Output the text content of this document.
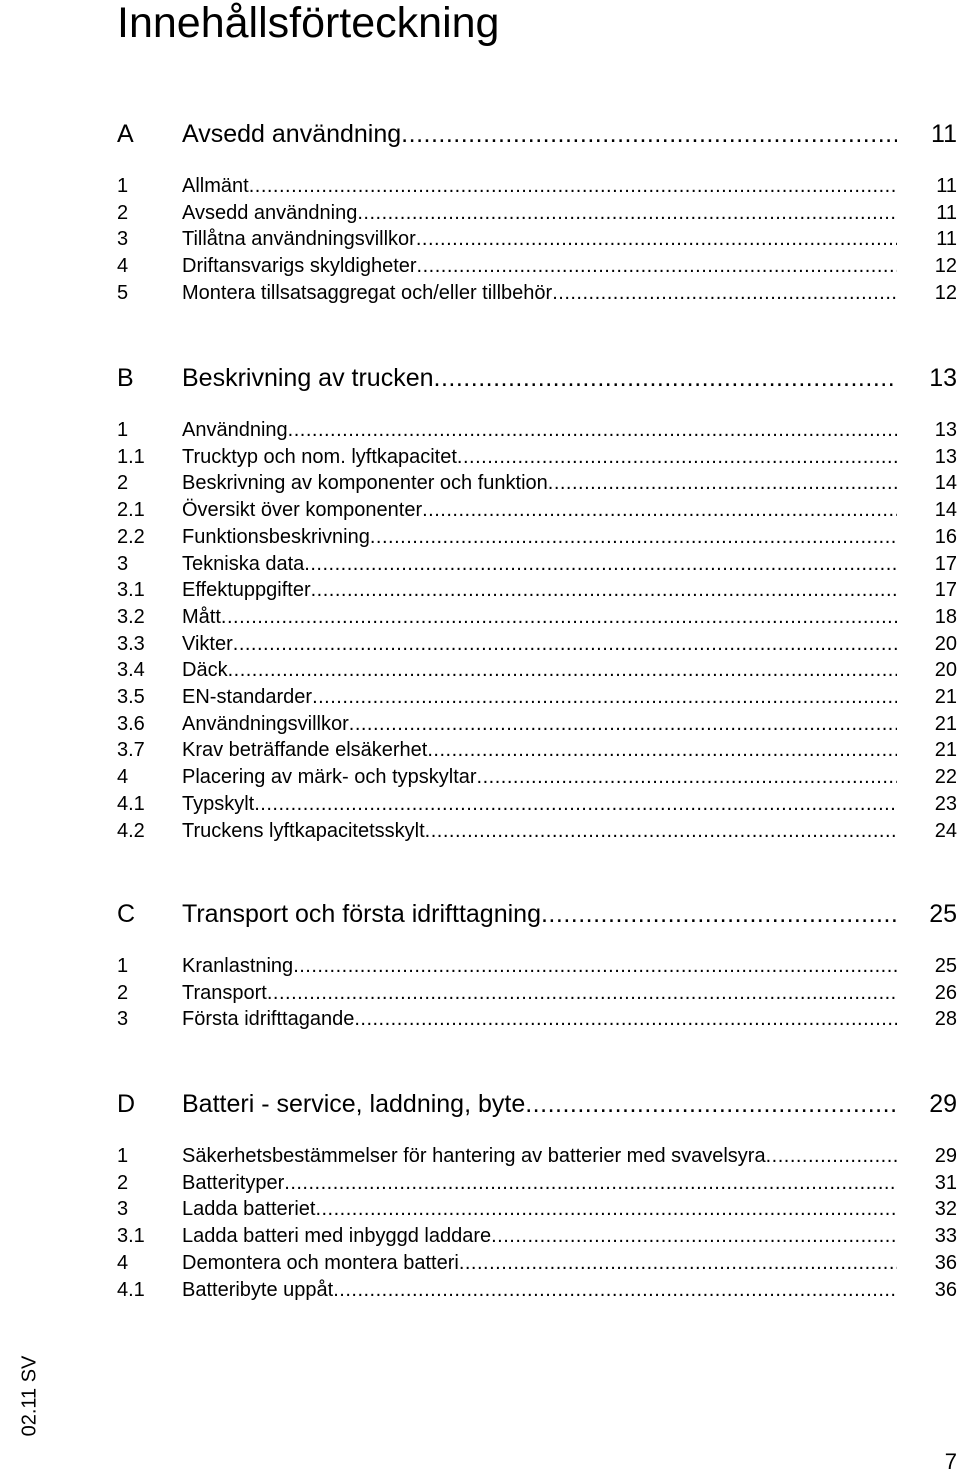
Innehållsförteckning
A Avsedd användning .....	11
1	Allmänt .....	11
2	Avsedd användning .....	11
3	Tillåtna användningsvillkor .....	11
4	Driftansvarigs skyldigheter .....	12
5	Montera tillsatsaggregat och/eller tillbehör .....	12
B Beskrivning av trucken .....	13
1	Användning .....	13
1.1 Trucktyp och nom. lyftkapacitet .....	13
2	Beskrivning av komponenter och funktion .....	14
2.1 Översikt över komponenter .....	14
2.2 Funktionsbeskrivning .....	16
3	Tekniska data .....	17
3.1 Effektuppgifter .....	17
3.2 Mått .....	18
3.3 Vikter .....	20
3.4 Däck .....	20
3.5 EN-standarder .....	21
3.6 Användningsvillkor .....	21
3.7 Krav beträffande elsäkerhet .....	21
4	Placering av märk- och typskyltar .....	22
4.1 Typskylt .....	23
4.2 Truckens lyftkapacitetsskylt .....	24
C Transport och första idrifttagning .....	25
1	Kranlastning .....	25
2	Transport .....	26
3	Första idrifttagande .....	28
D Batteri - service, laddning, byte .....	29
1	Säkerhetsbestämmelser för hantering av batterier med svavelsyra .....	29
2	Batterityper .....	31
3	Ladda batteriet .....	32
3.1 Ladda batteri med inbyggd laddare .....	33
4	Demontera och montera batteri .....	36
4.1 Batteribyte uppåt .....	36
02.11 SV
7
